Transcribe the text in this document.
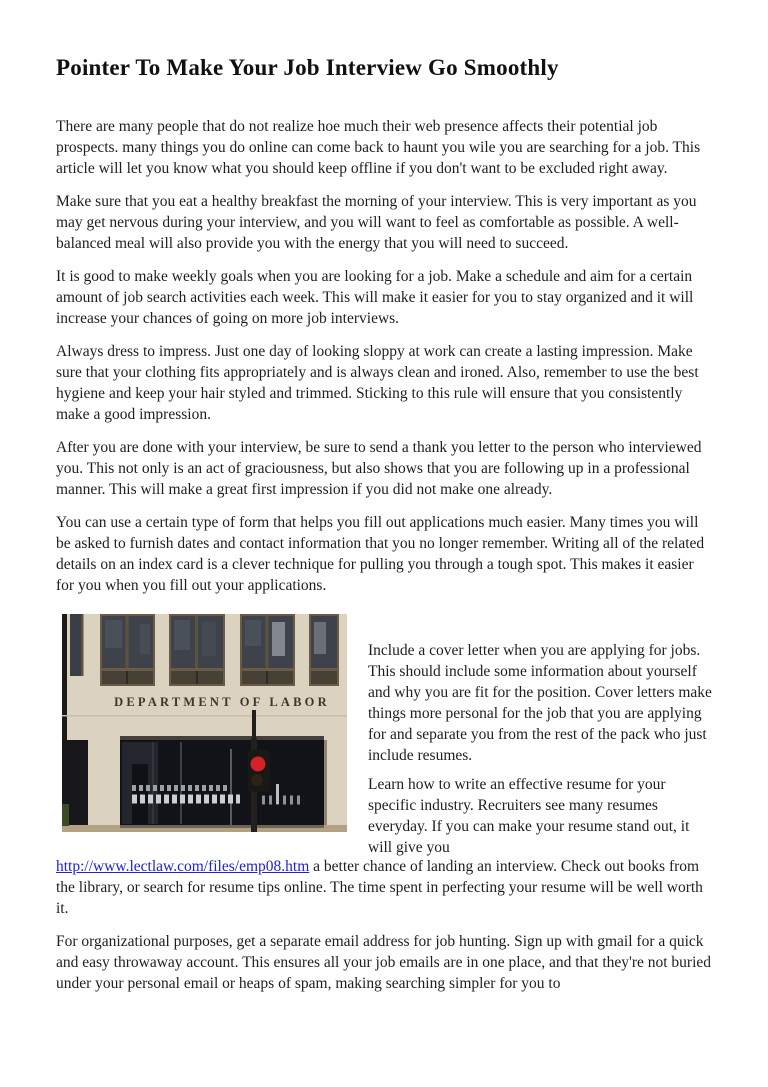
Pointer To Make Your Job Interview Go Smoothly

There are many people that do not realize hoe much their web presence affects their potential job prospects. many things you do online can come back to haunt you wile you are searching for a job. This article will let you know what you should keep offline if you don't want to be excluded right away.

Make sure that you eat a healthy breakfast the morning of your interview. This is very important as you may get nervous during your interview, and you will want to feel as comfortable as possible. A well-balanced meal will also provide you with the energy that you will need to succeed.

It is good to make weekly goals when you are looking for a job. Make a schedule and aim for a certain amount of job search activities each week. This will make it easier for you to stay organized and it will increase your chances of going on more job interviews.

Always dress to impress. Just one day of looking sloppy at work can create a lasting impression. Make sure that your clothing fits appropriately and is always clean and ironed. Also, remember to use the best hygiene and keep your hair styled and trimmed. Sticking to this rule will ensure that you consistently make a good impression.

After you are done with your interview, be sure to send a thank you letter to the person who interviewed you. This not only is an act of graciousness, but also shows that you are following up in a professional manner. This will make a great first impression if you did not make one already.

You can use a certain type of form that helps you fill out applications much easier. Many times you will be asked to furnish dates and contact information that you no longer remember. Writing all of the related details on an index card is a clever technique for pulling you through a tough spot. This makes it easier for you when you fill out your applications.

DEPARTMENT OF LABOR

Include a cover letter when you are applying for jobs. This should include some information about yourself and why you are fit for the position. Cover letters make things more personal for the job that you are applying for and separate you from the rest of the pack who just include resumes.

Learn how to write an effective resume for your specific industry. Recruiters see many resumes everyday. If you can make your resume stand out, it will give you

http://www.lectlaw.com/files/emp08.htm a better chance of landing an interview. Check out books from the library, or search for resume tips online. The time spent in perfecting your resume will be well worth it.

For organizational purposes, get a separate email address for job hunting. Sign up with gmail for a quick and easy throwaway account. This ensures all your job emails are in one place, and that they're not buried under your personal email or heaps of spam, making searching simpler for you to
